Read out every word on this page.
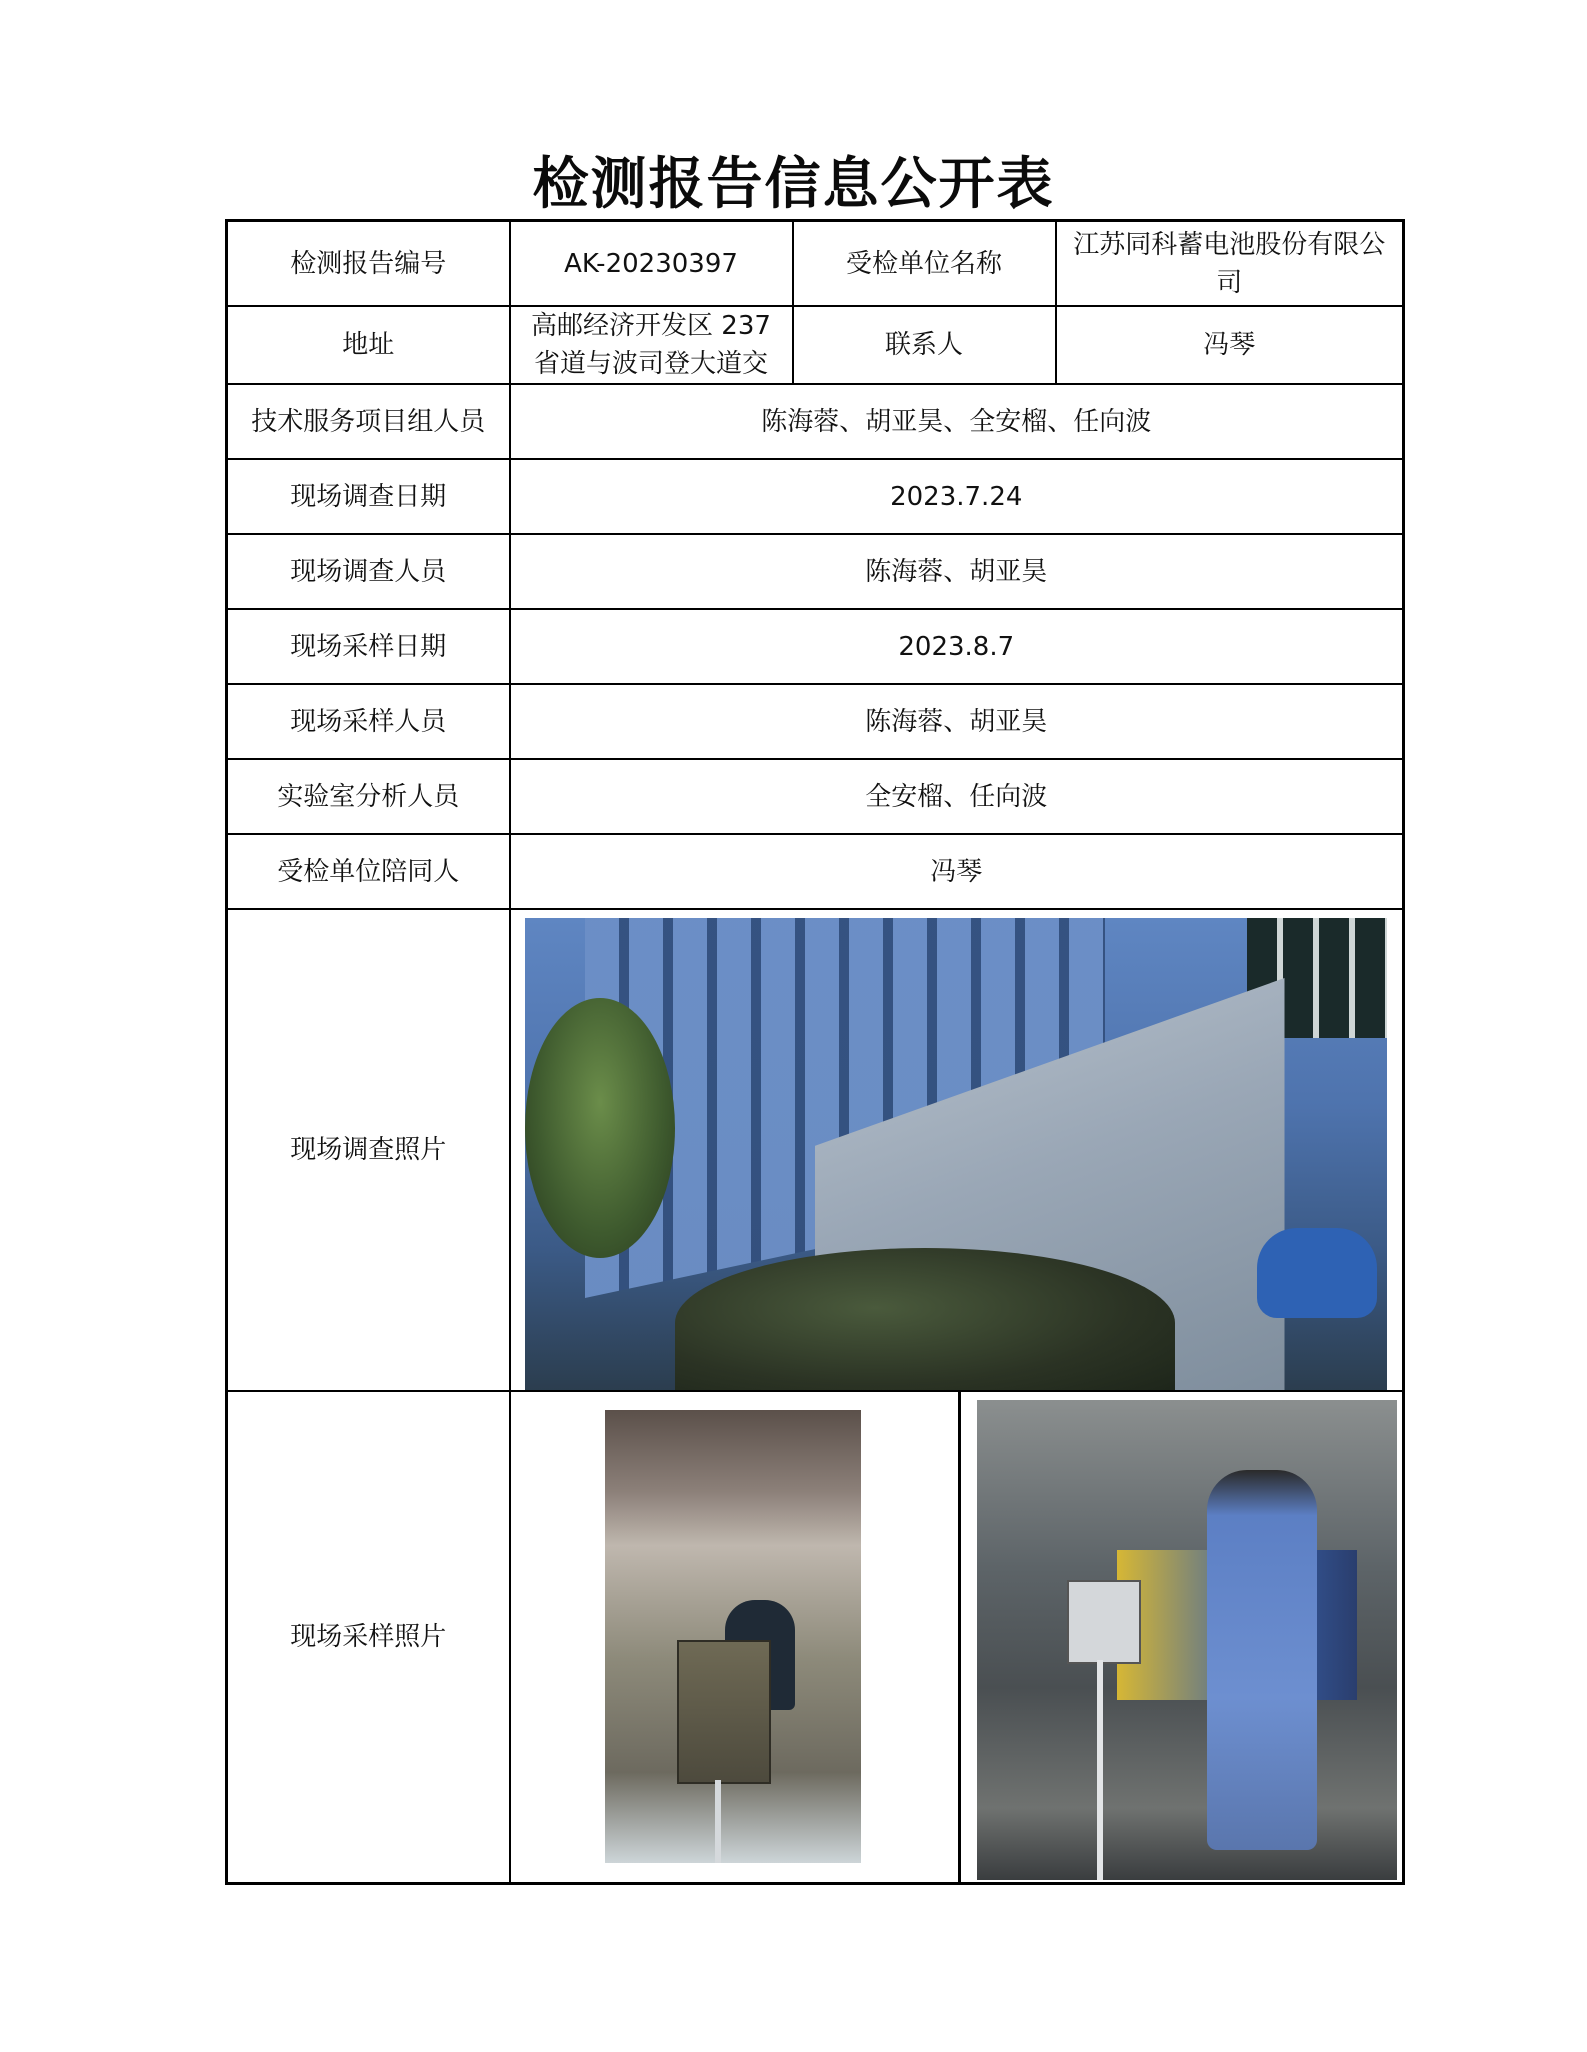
检测报告信息公开表
检测报告编号	AK-20230397	受检单位名称	江苏同科蓄电池股份有限公司
地址	高邮经济开发区 237 省道与波司登大道交	联系人	冯琴
技术服务项目组人员	陈海蓉、胡亚昊、全安榴、任向波		
现场调查日期	2023.7.24		
现场调查人员	陈海蓉、胡亚昊		
现场采样日期	2023.8.7		
现场采样人员	陈海蓉、胡亚昊		
实验室分析人员	全安榴、任向波		
受检单位陪同人	冯琴		
现场调查照片			

现场采样照片			
